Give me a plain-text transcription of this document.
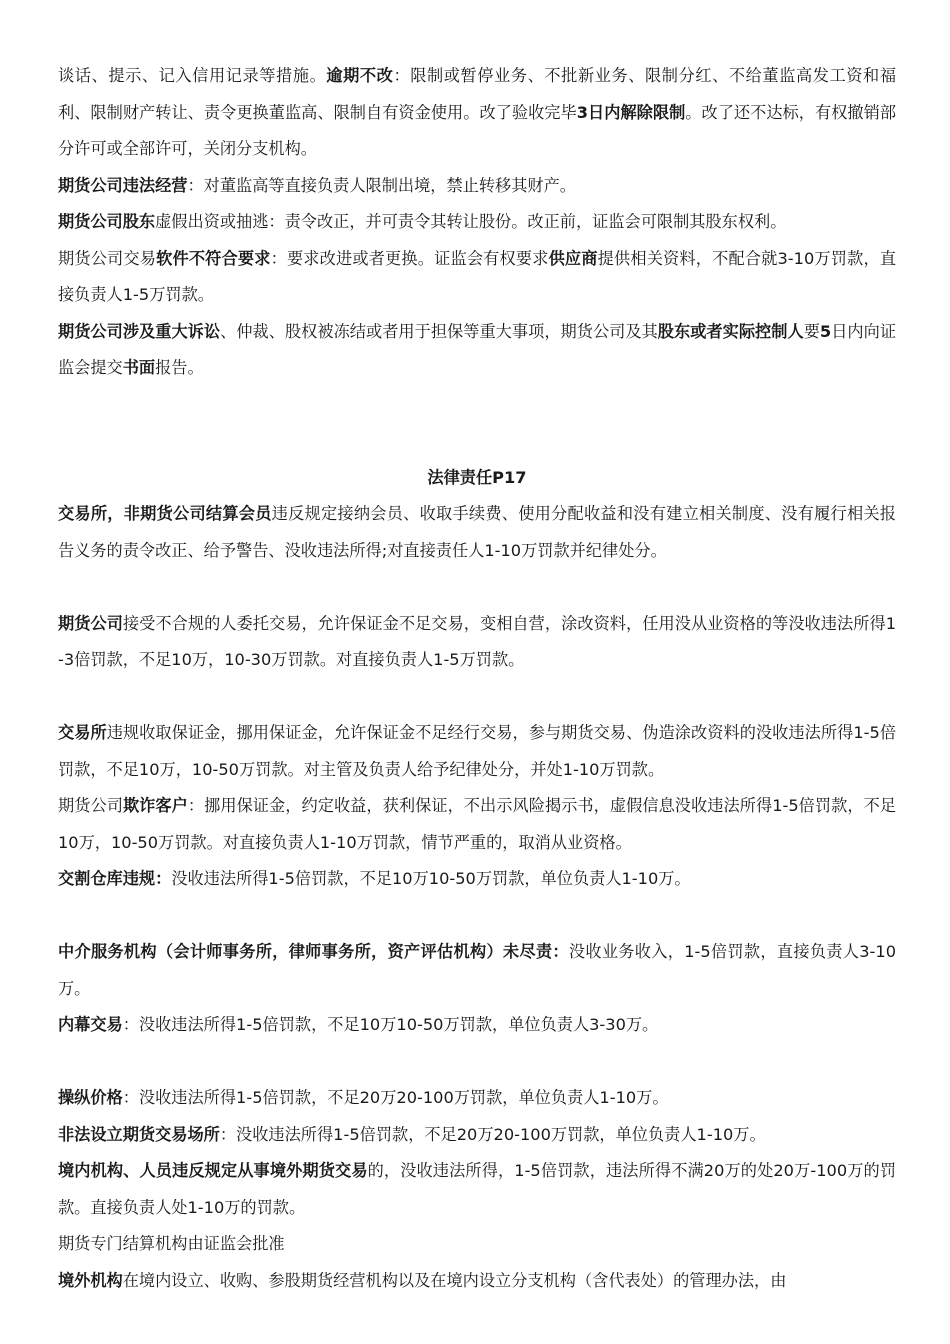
谈话、提示、记入信用记录等措施。逾期不改：限制或暂停业务、不批新业务、限制分红、不给董监高发工资和福利、限制财产转让、责令更换董监高、限制自有资金使用。改了验收完毕3日内解除限制。改了还不达标，有权撤销部分许可或全部许可，关闭分支机构。

期货公司违法经营：对董监高等直接负责人限制出境，禁止转移其财产。

期货公司股东虚假出资或抽逃：责令改正，并可责令其转让股份。改正前，证监会可限制其股东权利。

期货公司交易软件不符合要求：要求改进或者更换。证监会有权要求供应商提供相关资料，不配合就3-10万罚款，直接负责人1-5万罚款。

期货公司涉及重大诉讼、仲裁、股权被冻结或者用于担保等重大事项，期货公司及其股东或者实际控制人要5日内向证监会提交书面报告。

法律责任P17

交易所，非期货公司结算会员违反规定接纳会员、收取手续费、使用分配收益和没有建立相关制度、没有履行相关报告义务的责令改正、给予警告、没收违法所得;对直接责任人1-10万罚款并纪律处分。

期货公司接受不合规的人委托交易，允许保证金不足交易，变相自营，涂改资料，任用没从业资格的等没收违法所得1-3倍罚款，不足10万，10-30万罚款。对直接负责人1-5万罚款。

交易所违规收取保证金，挪用保证金，允许保证金不足经行交易，参与期货交易、伪造涂改资料的没收违法所得1-5倍罚款，不足10万，10-50万罚款。对主管及负责人给予纪律处分，并处1-10万罚款。

期货公司欺诈客户：挪用保证金，约定收益，获利保证，不出示风险揭示书，虚假信息没收违法所得1-5倍罚款，不足10万，10-50万罚款。对直接负责人1-10万罚款，情节严重的，取消从业资格。

交割仓库违规：没收违法所得1-5倍罚款，不足10万10-50万罚款，单位负责人1-10万。

中介服务机构（会计师事务所，律师事务所，资产评估机构）未尽责：没收业务收入，1-5倍罚款，直接负责人3-10万。

内幕交易：没收违法所得1-5倍罚款，不足10万10-50万罚款，单位负责人3-30万。

操纵价格：没收违法所得1-5倍罚款，不足20万20-100万罚款，单位负责人1-10万。

非法设立期货交易场所：没收违法所得1-5倍罚款，不足20万20-100万罚款，单位负责人1-10万。

境内机构、人员违反规定从事境外期货交易的，没收违法所得，1-5倍罚款，违法所得不满20万的处20万-100万的罚款。直接负责人处1-10万的罚款。

期货专门结算机构由证监会批准

境外机构在境内设立、收购、参股期货经营机构以及在境内设立分支机构（含代表处）的管理办法，由
